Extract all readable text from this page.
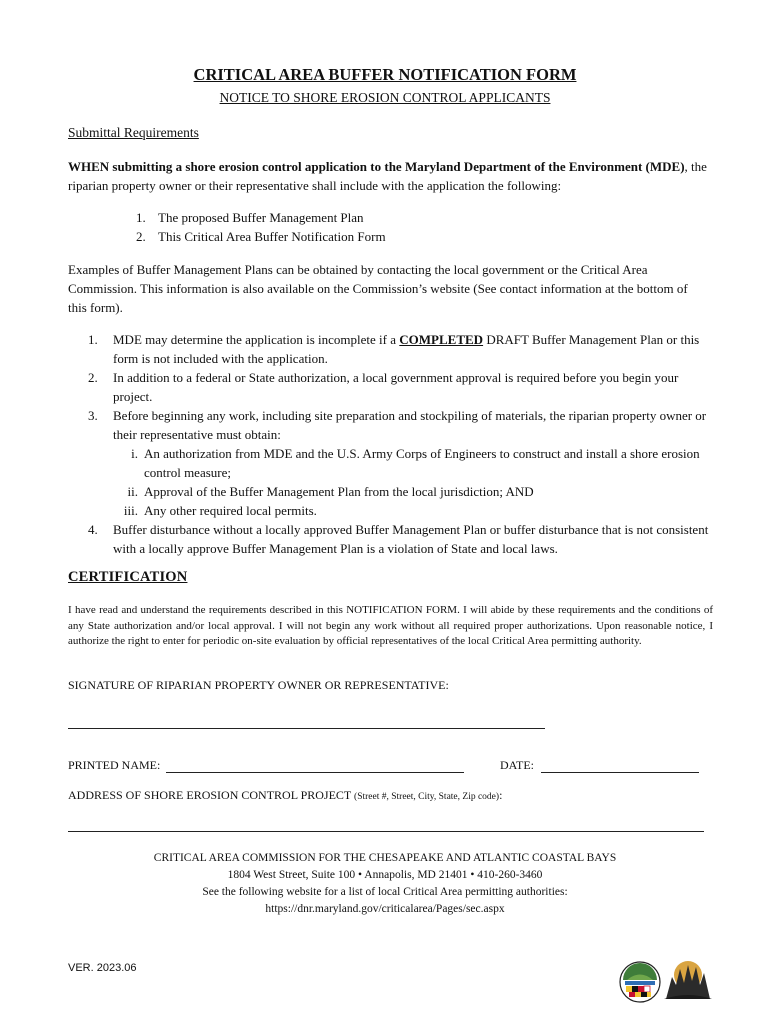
CRITICAL AREA BUFFER NOTIFICATION FORM
NOTICE TO SHORE EROSION CONTROL APPLICANTS
Submittal Requirements
WHEN submitting a shore erosion control application to the Maryland Department of the Environment (MDE), the riparian property owner or their representative shall include with the application the following:
1. The proposed Buffer Management Plan
2. This Critical Area Buffer Notification Form
Examples of Buffer Management Plans can be obtained by contacting the local government or the Critical Area Commission. This information is also available on the Commission’s website (See contact information at the bottom of this form).
1.	MDE may determine the application is incomplete if a COMPLETED DRAFT Buffer Management Plan or this form is not included with the application.
2.	In addition to a federal or State authorization, a local government approval is required before you begin your project.
3.	Before beginning any work, including site preparation and stockpiling of materials, the riparian property owner or their representative must obtain:
i. An authorization from MDE and the U.S. Army Corps of Engineers to construct and install a shore erosion control measure;
ii. Approval of the Buffer Management Plan from the local jurisdiction; AND
iii. Any other required local permits.
4.	Buffer disturbance without a locally approved Buffer Management Plan or buffer disturbance that is not consistent with a locally approve Buffer Management Plan is a violation of State and local laws.
CERTIFICATION
I have read and understand the requirements described in this NOTIFICATION FORM. I will abide by these requirements and the conditions of any State authorization and/or local approval. I will not begin any work without all required proper authorizations. Upon reasonable notice, I authorize the right to enter for periodic on-site evaluation by official representatives of the local Critical Area permitting authority.
SIGNATURE OF RIPARIAN PROPERTY OWNER OR REPRESENTATIVE:
PRINTED NAME:	DATE:
ADDRESS OF SHORE EROSION CONTROL PROJECT (Street #, Street, City, State, Zip code):
CRITICAL AREA COMMISSION FOR THE CHESAPEAKE AND ATLANTIC COASTAL BAYS
1804 West Street, Suite 100 • Annapolis, MD 21401 • 410-260-3460
See the following website for a list of local Critical Area permitting authorities:
https://dnr.maryland.gov/criticalarea/Pages/sec.aspx
VER. 2023.06
